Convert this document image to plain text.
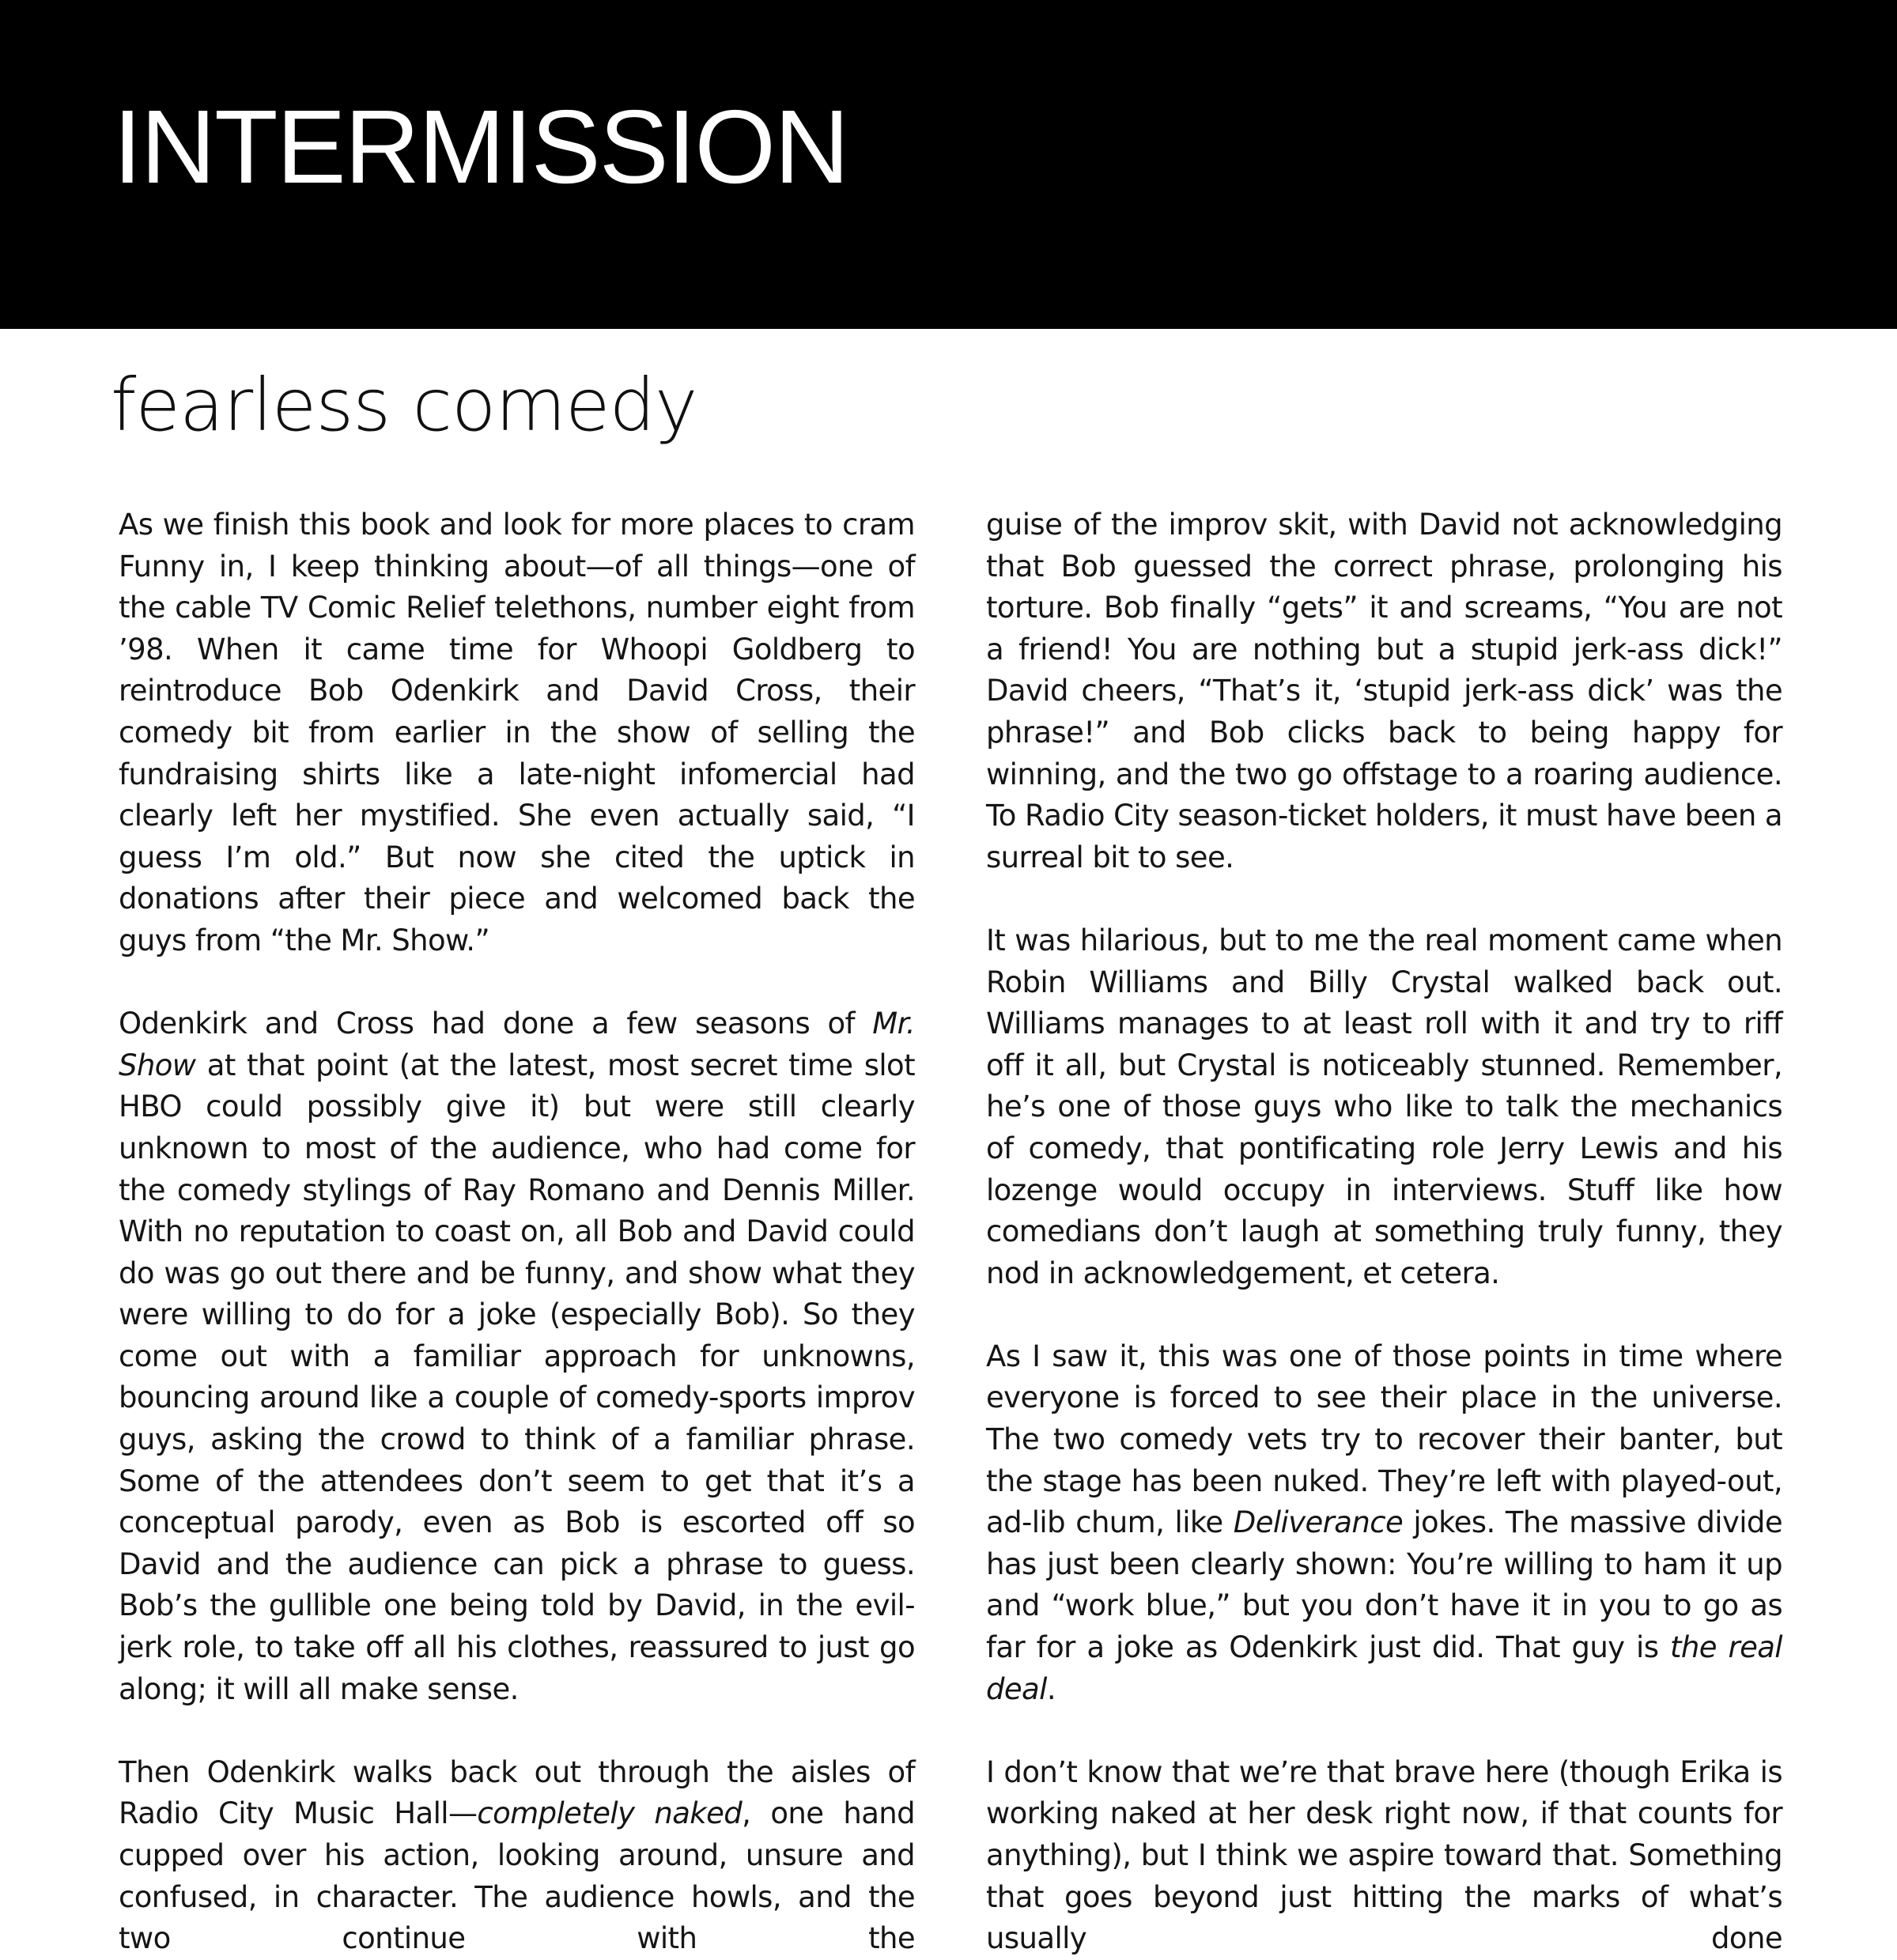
INTERMISSION
fearless comedy

As we finish this book and look for more places to cram Funny in, I keep thinking about—of all things—one of the cable TV Comic Relief telethons, number eight from ’98. When it came time for Whoopi Goldberg to reintroduce Bob Odenkirk and David Cross, their comedy bit from earlier in the show of selling the fundraising shirts like a late-night infomercial had clearly left her mystified. She even actually said, “I guess I’m old.” But now she cited the uptick in donations after their piece and welcomed back the guys from “the Mr. Show.”

Odenkirk and Cross had done a few seasons of Mr. Show at that point (at the latest, most secret time slot HBO could possibly give it) but were still clearly unknown to most of the audience, who had come for the comedy stylings of Ray Romano and Dennis Miller. With no reputation to coast on, all Bob and David could do was go out there and be funny, and show what they were willing to do for a joke (especially Bob). So they come out with a familiar approach for unknowns, bouncing around like a couple of comedy-sports improv guys, asking the crowd to think of a familiar phrase. Some of the attendees don’t seem to get that it’s a conceptual parody, even as Bob is escorted off so David and the audience can pick a phrase to guess. Bob’s the gullible one being told by David, in the evil-jerk role, to take off all his clothes, reassured to just go along; it will all make sense.

Then Odenkirk walks back out through the aisles of Radio City Music Hall—completely naked, one hand cupped over his action, looking around, unsure and confused, in character. The audience howls, and the two continue with the

guise of the improv skit, with David not acknowledging that Bob guessed the correct phrase, prolonging his torture. Bob finally “gets” it and screams, “You are not a friend! You are nothing but a stupid jerk-ass dick!” David cheers, “That’s it, ‘stupid jerk-ass dick’ was the phrase!” and Bob clicks back to being happy for winning, and the two go offstage to a roaring audience. To Radio City season-ticket holders, it must have been a surreal bit to see.

It was hilarious, but to me the real moment came when Robin Williams and Billy Crystal walked back out. Williams manages to at least roll with it and try to riff off it all, but Crystal is noticeably stunned. Remember, he’s one of those guys who like to talk the mechanics of comedy, that pontificating role Jerry Lewis and his lozenge would occupy in interviews. Stuff like how comedians don’t laugh at something truly funny, they nod in acknowledgement, et cetera.

As I saw it, this was one of those points in time where everyone is forced to see their place in the universe. The two comedy vets try to recover their banter, but the stage has been nuked. They’re left with played-out, ad-lib chum, like Deliverance jokes. The massive divide has just been clearly shown: You’re willing to ham it up and “work blue,” but you don’t have it in you to go as far for a joke as Odenkirk just did. That guy is the real deal.

I don’t know that we’re that brave here (though Erika is working naked at her desk right now, if that counts for anything), but I think we aspire toward that. Something that goes beyond just hitting the marks of what’s usually done
